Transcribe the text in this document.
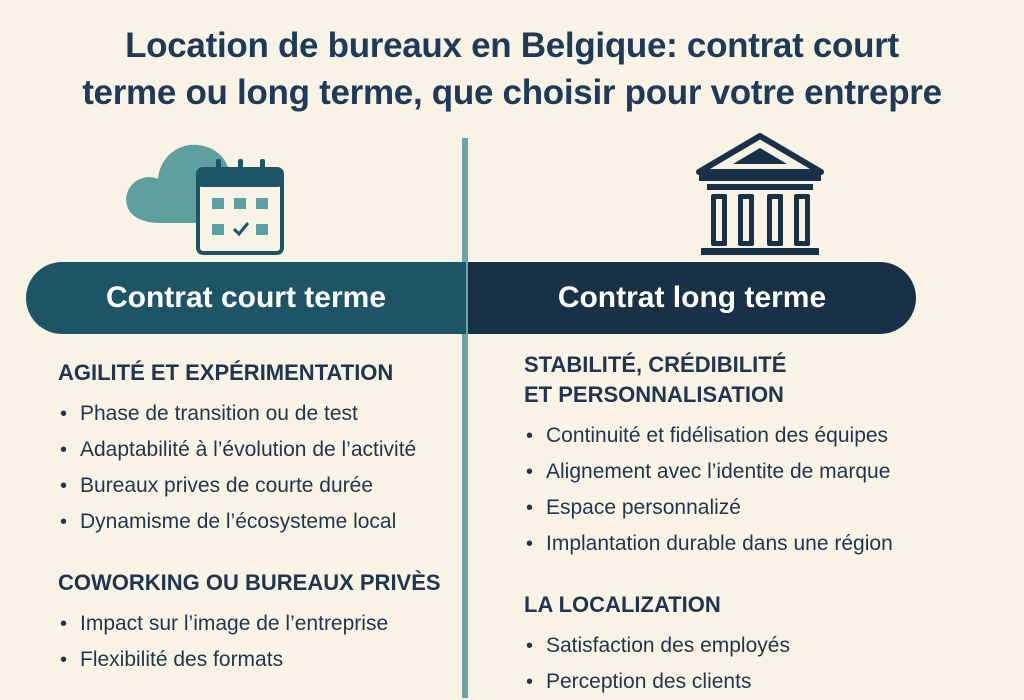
Location de bureaux en Belgique: contrat court
terme ou long terme, que choisir pour votre entrepre
Contrat court terme	Contrat long terme
AGILITÉ ET EXPÉRIMENTATION
• Phase de transition ou de test
• Adaptabilité à l’évolution de l’activité
• Bureaux prives de courte durée
• Dynamisme de l’écosysteme local
COWORKING OU BUREAUX PRIVÈS
• Impact sur l’image de l’entreprise
• Flexibilité des formats
STABILITÉ, CRÉDIBILITÉ
ET PERSONNALISATION
• Continuité et fidélisation des équipes
• Alignement avec l’identite de marque
• Espace personnalizé
• Implantation durable dans une région
LA LOCALIZATION
• Satisfaction des employés
• Perception des clients
